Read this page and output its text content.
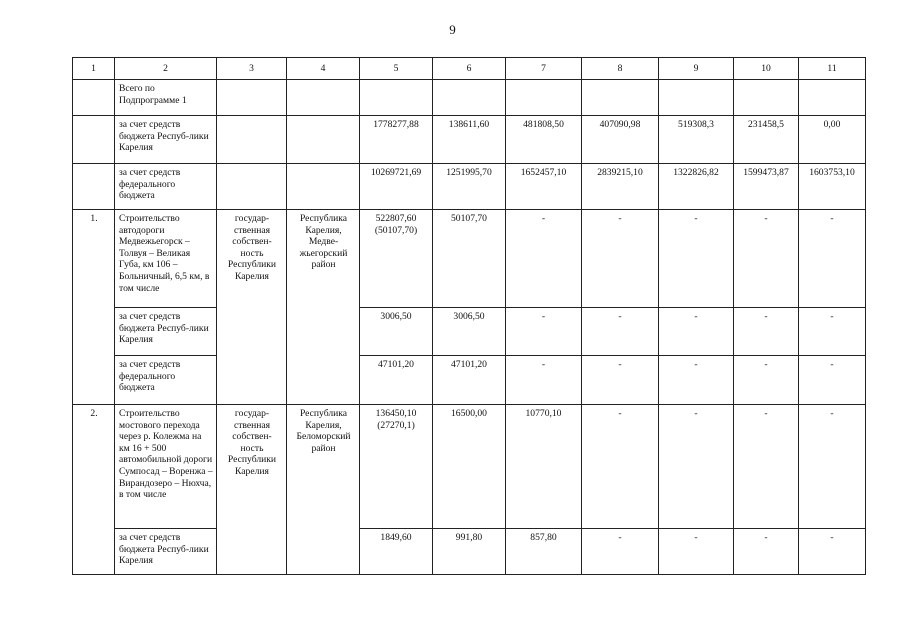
9
1	2	3	4	5	6	7	8	9	10	11
	Всего по Подпрограмме 1									
	за счет средств бюджета Респуб-лики Карелия			1778277,88	138611,60	481808,50	407090,98	519308,3	231458,5	0,00
	за счет средств федерального бюджета			10269721,69	1251995,70	1652457,10	2839215,10	1322826,82	1599473,87	1603753,10
1.	Строительство автодороги Медвежьегорск – Толвуя – Великая Губа, км 106 – Больничный, 6,5 км, в том числе	государ-ственная собствен-ность Республики Карелия	Республика Карелия, Медве-жьегорский район	522807,60 (50107,70)	50107,70	-	-	-	-	-
	за счет средств бюджета Респуб-лики Карелия			3006,50	3006,50	-	-	-	-	-
	за счет средств федерального бюджета			47101,20	47101,20	-	-	-	-	-
2.	Строительство мостового перехода через р. Колежма на км 16 + 500 автомобильной дороги Сумпосад – Воренжа – Вирандозеро – Нюхча, в том числе	государ-ственная собствен-ность Республики Карелия	Республика Карелия, Беломорский район	136450,10 (27270,1)	16500,00	10770,10	-	-	-	-
	за счет средств бюджета Респуб-лики Карелия			1849,60	991,80	857,80	-	-	-	-
